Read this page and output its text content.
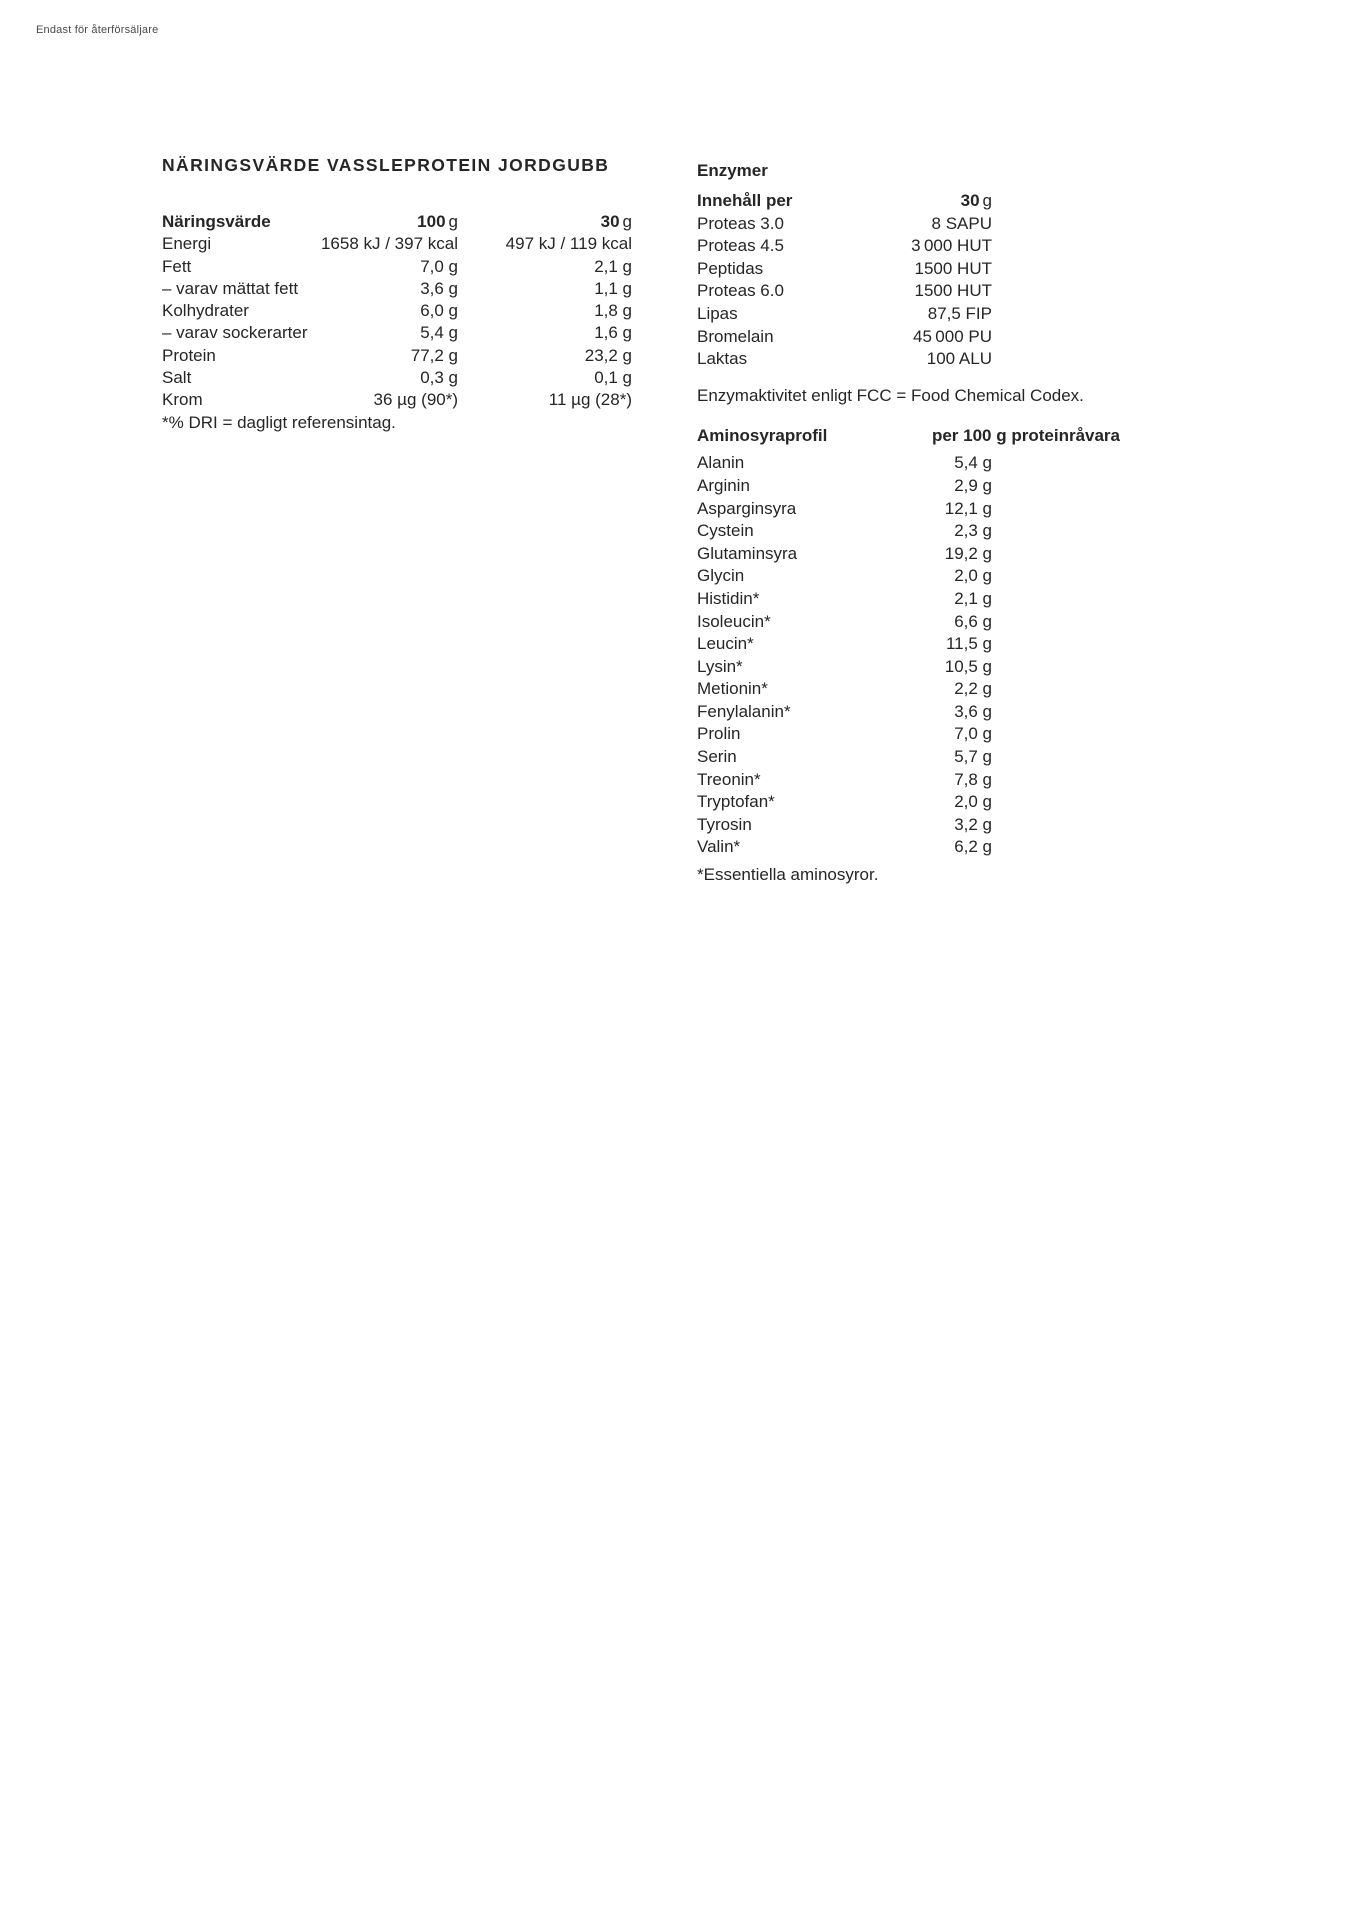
Endast för återförsäljare
NÄRINGSVÄRDE VASSLEPROTEIN JORDGUBB
Näringsvärde	100 g	30 g
Energi	1658 kJ / 397 kcal	497 kJ / 119 kcal
Fett	7,0 g	2,1 g
– varav mättat fett	3,6 g	1,1 g
Kolhydrater	6,0 g	1,8 g
– varav sockerarter	5,4 g	1,6 g
Protein	77,2 g	23,2 g
Salt	0,3 g	0,1 g
Krom	36 µg (90*)	11 µg (28*)
*% DRI = dagligt referensintag.
Enzymer
Innehåll per	30 g
Proteas 3.0	8 SAPU
Proteas 4.5	3 000 HUT
Peptidas	1500 HUT
Proteas 6.0	1500 HUT
Lipas	87,5 FIP
Bromelain	45 000 PU
Laktas	100 ALU
Enzymaktivitet enligt FCC = Food Chemical Codex.
Aminosyraprofil	per 100 g proteinråvara
Alanin	5,4 g
Arginin	2,9 g
Asparginsyra	12,1 g
Cystein	2,3 g
Glutaminsyra	19,2 g
Glycin	2,0 g
Histidin*	2,1 g
Isoleucin*	6,6 g
Leucin*	11,5 g
Lysin*	10,5 g
Metionin*	2,2 g
Fenylalanin*	3,6 g
Prolin	7,0 g
Serin	5,7 g
Treonin*	7,8 g
Tryptofan*	2,0 g
Tyrosin	3,2 g
Valin*	6,2 g
*Essentiella aminosyror.
